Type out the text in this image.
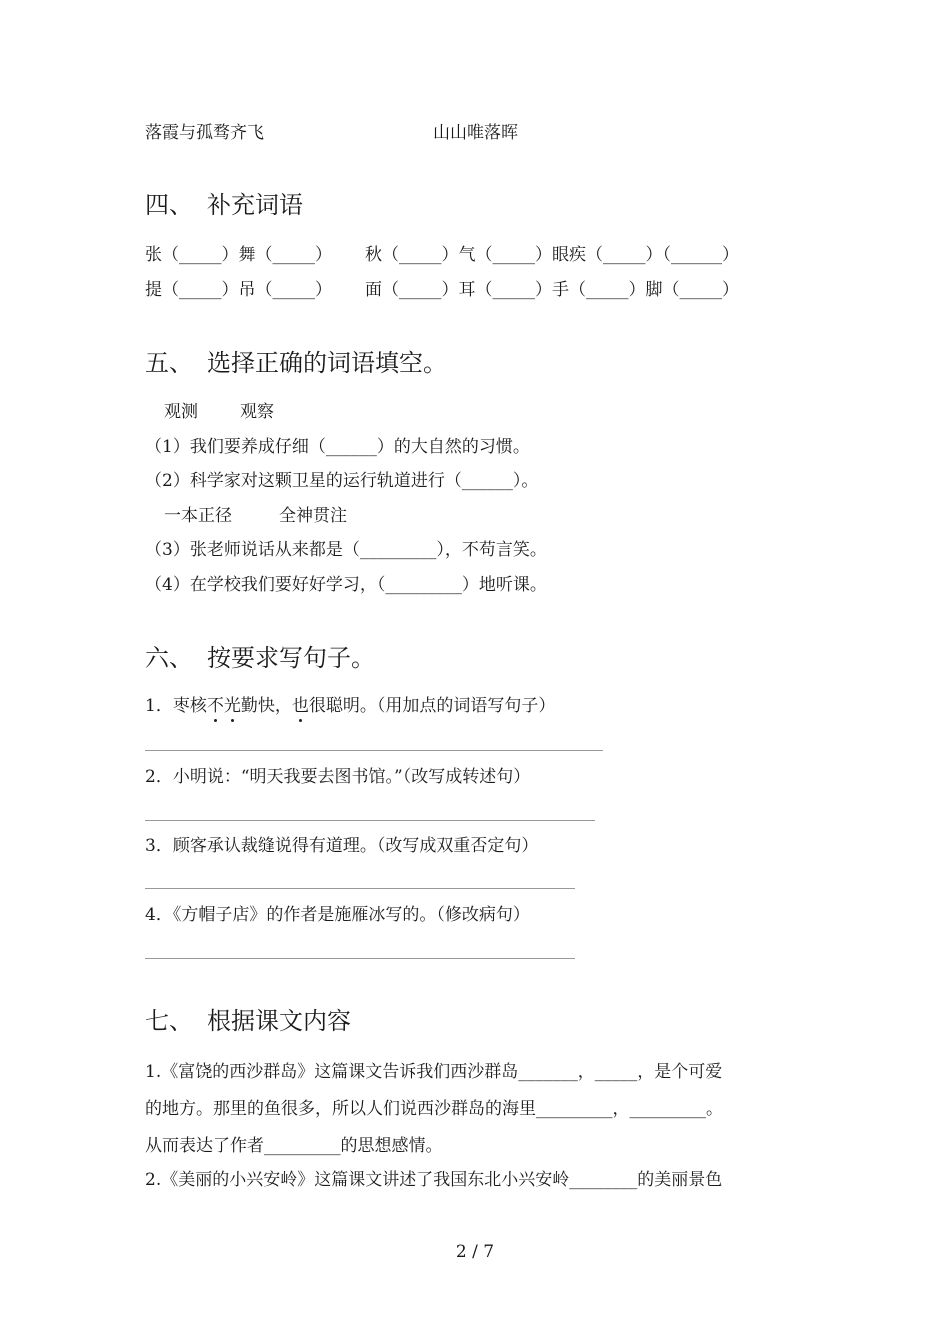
落霞与孤骛齐飞	山山唯落晖
四、 补充词语
张（_____）舞（_____） 秋（_____）气（_____）眼疾（_____）（______）
提（_____）吊（_____） 面（_____）耳（_____）手（_____）脚（_____）
五、 选择正确的词语填空。
观测 观察
（1）我们要养成仔细（______）的大自然的习惯。
（2）科学家对这颗卫星的运行轨道进行（______）。
一本正径	全神贯注
（3）张老师说话从来都是（_________），不苟言笑。
（4）在学校我们要好好学习，（_________）地听课。
六、 按要求写句子。
1．枣核不光勤快，也很聪明。（用加点的词语写句子）
2．小明说：“明天我要去图书馆。”（改写成转述句）
3．顾客承认裁缝说得有道理。（改写成双重否定句）
4．《方帽子店》的作者是施雁冰写的。（修改病句）
七、 根据课文内容
1.《富饶的西沙群岛》这篇课文告诉我们西沙群岛_______，_____，是个可爱
的地方。那里的鱼很多，所以人们说西沙群岛的海里_________，_________。
从而表达了作者_________的思想感情。
2.《美丽的小兴安岭》这篇课文讲述了我国东北小兴安岭________的美丽景色
2 / 7
